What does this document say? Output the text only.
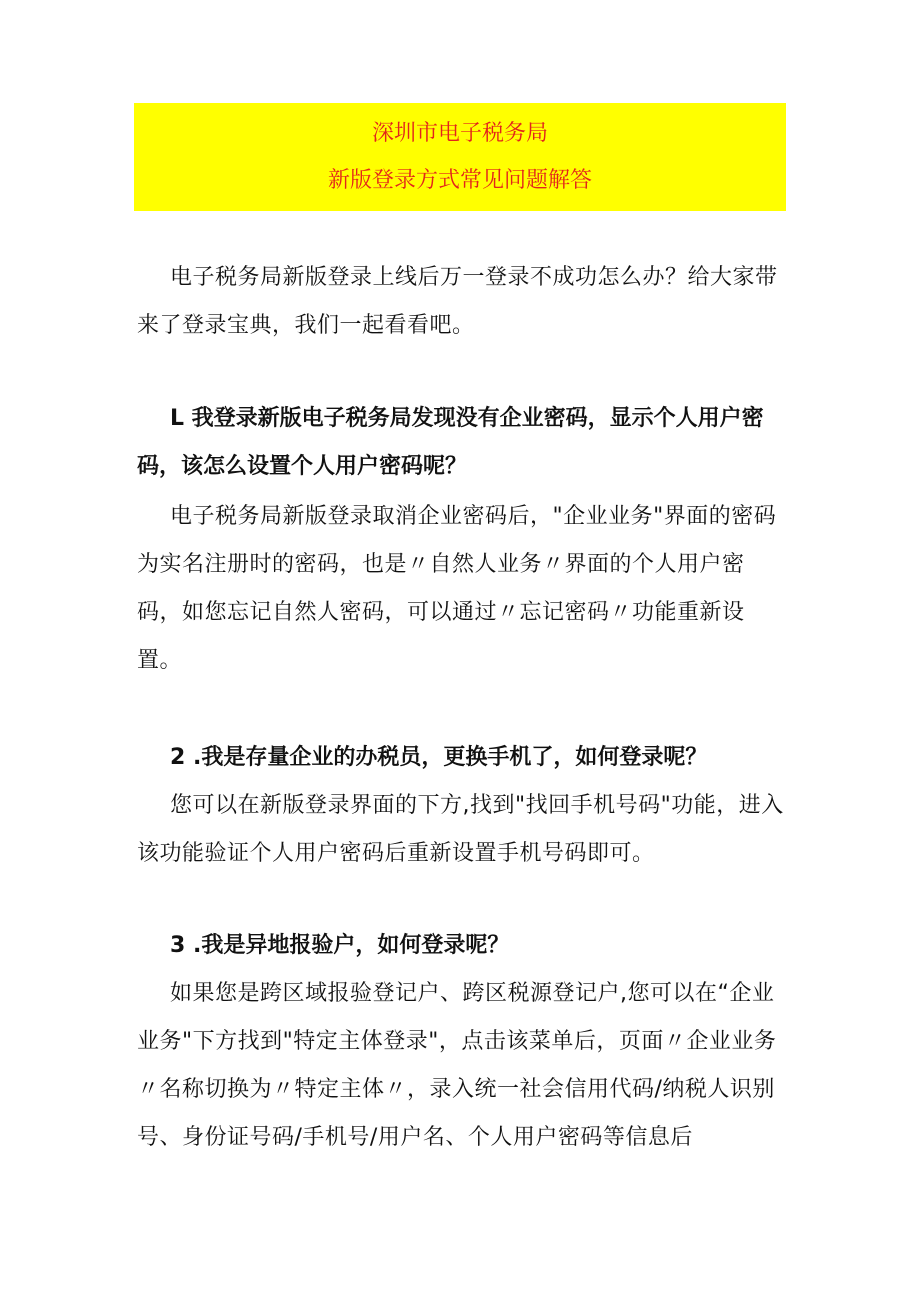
深圳市电子税务局
新版登录方式常见问题解答

电子税务局新版登录上线后万一登录不成功怎么办？给大家带来了登录宝典，我们一起看看吧。

L 我登录新版电子税务局发现没有企业密码，显示个人用户密码，该怎么设置个人用户密码呢？

电子税务局新版登录取消企业密码后，"企业业务"界面的密码为实名注册时的密码，也是〃自然人业务〃界面的个人用户密码，如您忘记自然人密码，可以通过〃忘记密码〃功能重新设置。

2 .我是存量企业的办税员，更换手机了，如何登录呢？

您可以在新版登录界面的下方,找到"找回手机号码"功能，进入该功能验证个人用户密码后重新设置手机号码即可。

3 .我是异地报验户，如何登录呢？

如果您是跨区域报验登记户、跨区税源登记户,您可以在“企业业务"下方找到"特定主体登录"，点击该菜单后，页面〃企业业务〃名称切换为〃特定主体〃，录入统一社会信用代码/纳税人识别号、身份证号码/手机号/用户名、个人用户密码等信息后
